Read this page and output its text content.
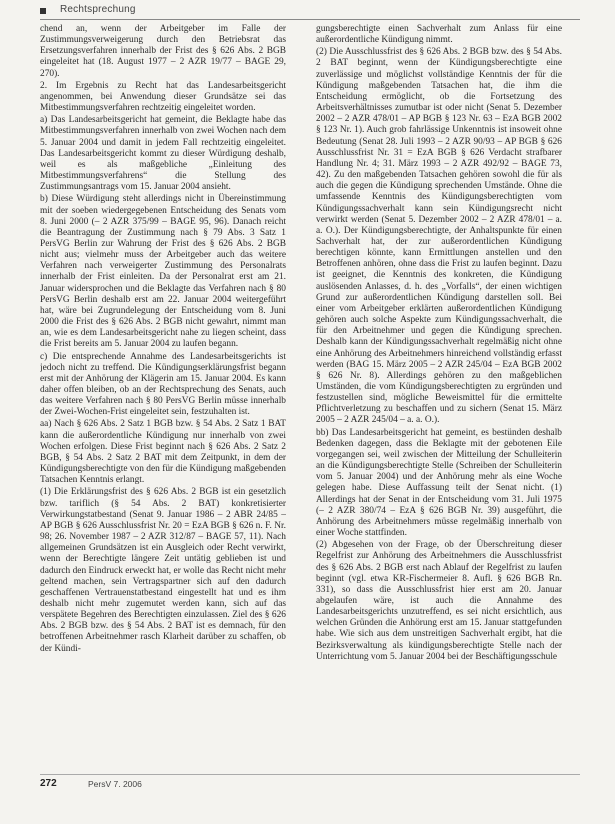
Rechtsprechung

chend an, wenn der Arbeitgeber im Falle der Zustimmungsverweigerung durch den Betriebsrat das Ersetzungsverfahren innerhalb der Frist des § 626 Abs. 2 BGB eingeleitet hat (18. August 1977 – 2 AZR 19/77 – BAGE 29, 270).

2. Im Ergebnis zu Recht hat das Landesarbeitsgericht angenommen, bei Anwendung dieser Grundsätze sei das Mitbestimmungsverfahren rechtzeitig eingeleitet worden.

a) Das Landesarbeitsgericht hat gemeint, die Beklagte habe das Mitbestimmungsverfahren innerhalb von zwei Wochen nach dem 5. Januar 2004 und damit in jedem Fall rechtzeitig eingeleitet. Das Landesarbeitsgericht kommt zu dieser Würdigung deshalb, weil es als maßgebliche „Einleitung des Mitbestimmungsverfahrens“ die Stellung des Zustimmungsantrags vom 15. Januar 2004 ansieht.

b) Diese Würdigung steht allerdings nicht in Übereinstimmung mit der soeben wiedergegebenen Entscheidung des Senats vom 8. Juni 2000 (– 2 AZR 375/99 – BAGE 95, 96). Danach reicht die Beantragung der Zustimmung nach § 79 Abs. 3 Satz 1 PersVG Berlin zur Wahrung der Frist des § 626 Abs. 2 BGB nicht aus; vielmehr muss der Arbeitgeber auch das weitere Verfahren nach verweigerter Zustimmung des Personalrats innerhalb der Frist einleiten. Da der Personalrat erst am 21. Januar widersprochen und die Beklagte das Verfahren nach § 80 PersVG Berlin deshalb erst am 22. Januar 2004 weitergeführt hat, wäre bei Zugrundelegung der Entscheidung vom 8. Juni 2000 die Frist des § 626 Abs. 2 BGB nicht gewahrt, nimmt man an, wie es dem Landesarbeitsgericht nahe zu liegen scheint, dass die Frist bereits am 5. Januar 2004 zu laufen begann.

c) Die entsprechende Annahme des Landesarbeitsgerichts ist jedoch nicht zu treffend. Die Kündigungserklärungsfrist begann erst mit der Anhörung der Klägerin am 15. Januar 2004. Es kann daher offen bleiben, ob an der Rechtsprechung des Senats, auch das weitere Verfahren nach § 80 PersVG Berlin müsse innerhalb der Zwei-Wochen-Frist eingeleitet sein, festzuhalten ist.

aa) Nach § 626 Abs. 2 Satz 1 BGB bzw. § 54 Abs. 2 Satz 1 BAT kann die außerordentliche Kündigung nur innerhalb von zwei Wochen erfolgen. Diese Frist beginnt nach § 626 Abs. 2 Satz 2 BGB, § 54 Abs. 2 Satz 2 BAT mit dem Zeitpunkt, in dem der Kündigungsberechtigte von den für die Kündigung maßgebenden Tatsachen Kenntnis erlangt.

(1) Die Erklärungsfrist des § 626 Abs. 2 BGB ist ein gesetzlich bzw. tariflich (§ 54 Abs. 2 BAT) konkretisierter Verwirkungstatbestand (Senat 9. Januar 1986 – 2 ABR 24/85 – AP BGB § 626 Ausschlussfrist Nr. 20 = EzA BGB § 626 n. F. Nr. 98; 26. November 1987 – 2 AZR 312/87 – BAGE 57, 11). Nach allgemeinen Grundsätzen ist ein Ausgleich oder Recht verwirkt, wenn der Berechtigte längere Zeit untätig geblieben ist und dadurch den Eindruck erweckt hat, er wolle das Recht nicht mehr geltend machen, sein Vertragspartner sich auf den dadurch geschaffenen Vertrauenstatbestand eingestellt hat und es ihm deshalb nicht mehr zugemutet werden kann, sich auf das verspätete Begehren des Berechtigten einzulassen. Ziel des § 626 Abs. 2 BGB bzw. des § 54 Abs. 2 BAT ist es demnach, für den betroffenen Arbeitnehmer rasch Klarheit darüber zu schaffen, ob der Kündi-

gungsberechtigte einen Sachverhalt zum Anlass für eine außerordentliche Kündigung nimmt.

(2) Die Ausschlussfrist des § 626 Abs. 2 BGB bzw. des § 54 Abs. 2 BAT beginnt, wenn der Kündigungsberechtigte eine zuverlässige und möglichst vollständige Kenntnis der für die Kündigung maßgebenden Tatsachen hat, die ihm die Entscheidung ermöglicht, ob die Fortsetzung des Arbeitsverhältnisses zumutbar ist oder nicht (Senat 5. Dezember 2002 – 2 AZR 478/01 – AP BGB § 123 Nr. 63 – EzA BGB 2002 § 123 Nr. 1). Auch grob fahrlässige Unkenntnis ist insoweit ohne Bedeutung (Senat 28. Juli 1993 – 2 AZR 90/93 – AP BGB § 626 Ausschlussfrist Nr. 31 = EzA BGB § 626 Verdacht strafbarer Handlung Nr. 4; 31. März 1993 – 2 AZR 492/92 – BAGE 73, 42). Zu den maßgebenden Tatsachen gehören sowohl die für als auch die gegen die Kündigung sprechenden Umstände. Ohne die umfassende Kenntnis des Kündigungsberechtigten vom Kündigungssachverhalt kann sein Kündigungsrecht nicht verwirkt werden (Senat 5. Dezember 2002 – 2 AZR 478/01 – a. a. O.). Der Kündigungsberechtigte, der Anhaltspunkte für einen Sachverhalt hat, der zur außerordentlichen Kündigung berechtigen könnte, kann Ermittlungen anstellen und den Betroffenen anhören, ohne dass die Frist zu laufen beginnt. Dazu ist geeignet, die Kenntnis des konkreten, die Kündigung auslösenden Anlasses, d. h. des „Vorfalls“, der einen wichtigen Grund zur außerordentlichen Kündigung darstellen soll. Bei einer vom Arbeitgeber erklärten außerordentlichen Kündigung gehören auch solche Aspekte zum Kündigungssachverhalt, die für den Arbeitnehmer und gegen die Kündigung sprechen. Deshalb kann der Kündigungssachverhalt regelmäßig nicht ohne eine Anhörung des Arbeitnehmers hinreichend vollständig erfasst werden (BAG 15. März 2005 – 2 AZR 245/04 – EzA BGB 2002 § 626 Nr. 8). Allerdings gehören zu den maßgeblichen Umständen, die vom Kündigungsberechtigten zu ergründen und festzustellen sind, mögliche Beweismittel für die ermittelte Pflichtverletzung zu beschaffen und zu sichern (Senat 15. März 2005 – 2 AZR 245/04 – a. a. O.).

bb) Das Landesarbeitsgericht hat gemeint, es bestünden deshalb Bedenken dagegen, dass die Beklagte mit der gebotenen Eile vorgegangen sei, weil zwischen der Mitteilung der Schulleiterin an die Kündigungsberechtigte Stelle (Schreiben der Schulleiterin vom 5. Januar 2004) und der Anhörung mehr als eine Woche gelegen habe. Diese Auffassung teilt der Senat nicht. (1) Allerdings hat der Senat in der Entscheidung vom 31. Juli 1975 (– 2 AZR 380/74 – EzA § 626 BGB Nr. 39) ausgeführt, die Anhörung des Arbeitnehmers müsse regelmäßig innerhalb von einer Woche stattfinden.

(2) Abgesehen von der Frage, ob der Überschreitung dieser Regelfrist zur Anhörung des Arbeitnehmers die Ausschlussfrist des § 626 Abs. 2 BGB erst nach Ablauf der Regelfrist zu laufen beginnt (vgl. etwa KR-Fischermeier 8. Aufl. § 626 BGB Rn. 331), so dass die Ausschlussfrist hier erst am 20. Januar abgelaufen wäre, ist auch die Annahme des Landesarbeitsgerichts unzutreffend, es sei nicht ersichtlich, aus welchen Gründen die Anhörung erst am 15. Januar stattgefunden habe. Wie sich aus dem unstreitigen Sachverhalt ergibt, hat die Bezirksverwaltung als kündigungsberechtigte Stelle nach der Unterrichtung vom 5. Januar 2004 bei der Beschäftigungsschule

272	PersV 7. 2006
